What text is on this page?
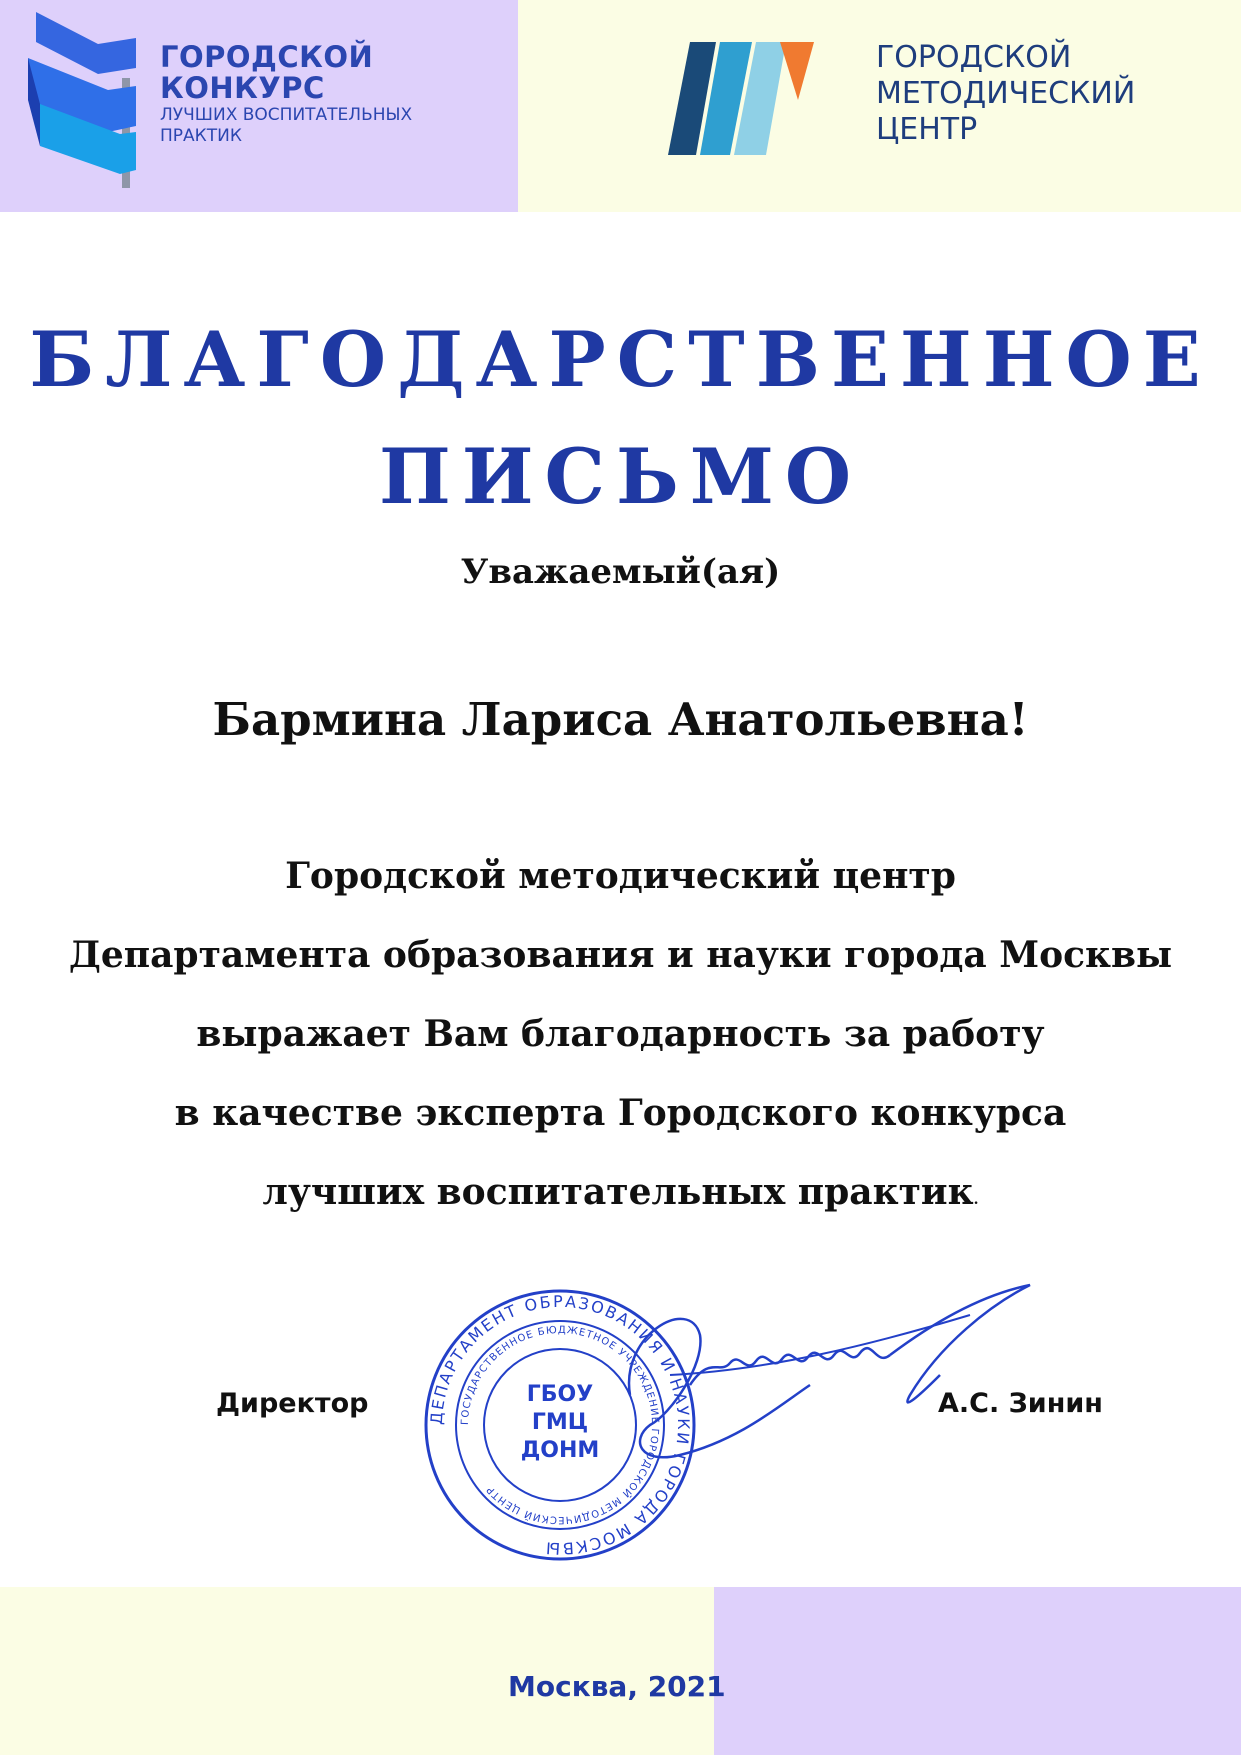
ГОРОДСКОЙ
КОНКУРС
ЛУЧШИХ ВОСПИТАТЕЛЬНЫХ
ПРАКТИК
ГОРОДСКОЙ
МЕТОДИЧЕСКИЙ
ЦЕНТР
БЛАГОДАРСТВЕННОЕ
ПИСЬМО
Уважаемый(ая)
Бармина Лариса Анатольевна!
Городской методический центр
Департамента образования и науки города Москвы
выражает Вам благодарность за работу
в качестве эксперта Городского конкурса
лучших воспитательных практик.
Директор	ДЕПАРТАМЕНТ ОБРАЗОВАНИЯ И НАУКИ ГОРОДА МОСКВЫ
ГОСУДАРСТВЕННОЕ БЮДЖЕТНОЕ УЧРЕЖДЕНИЕ ГОРОДСКОЙ МЕТОДИЧЕСКИЙ ЦЕНТР
ГБОУ
ГМЦ
ДОНМ
А.С. Зинин
Москва, 2021
